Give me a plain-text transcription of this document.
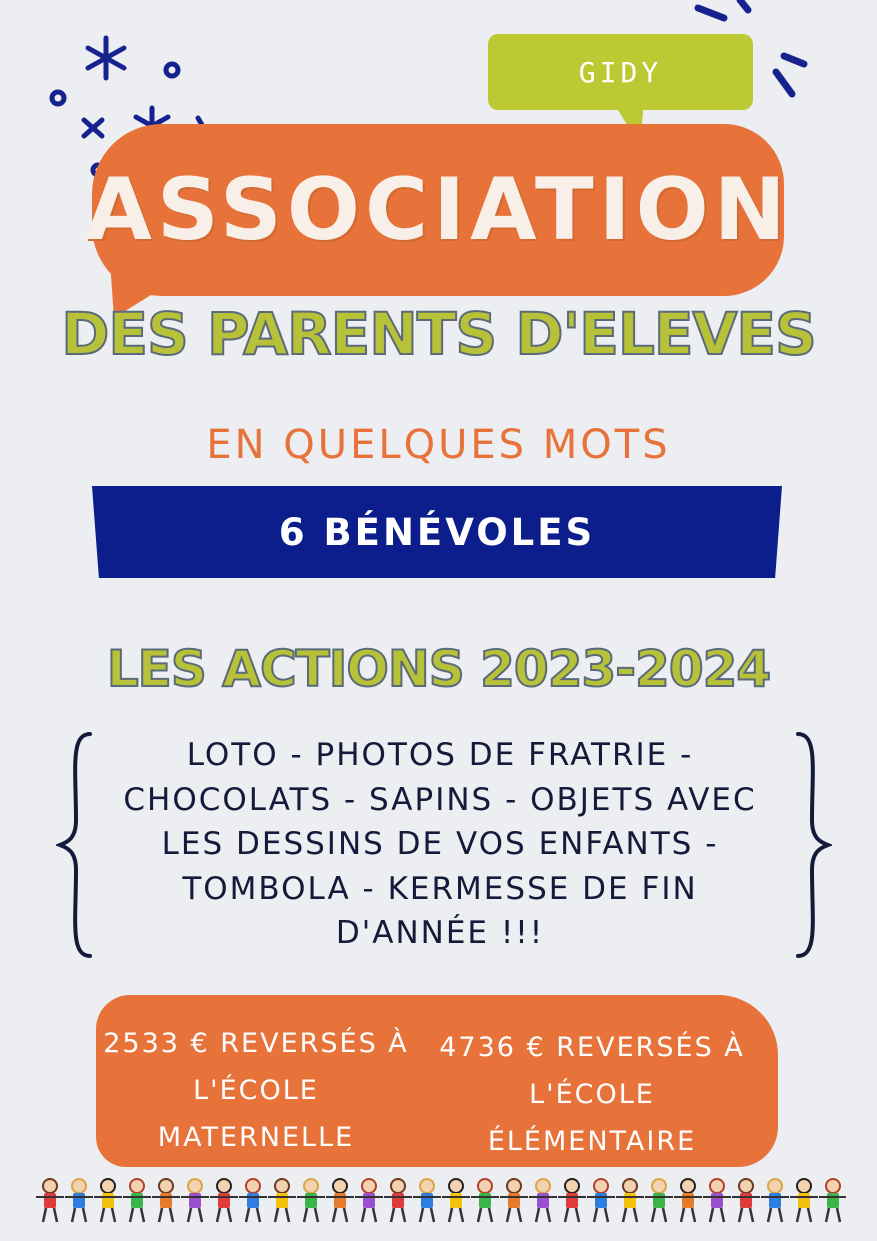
GIDY
ASSOCIATION
DES PARENTS D'ELEVES
EN QUELQUES MOTS
6 BÉNÉVOLES
LES ACTIONS 2023-2024
LOTO - PHOTOS DE FRATRIE -
CHOCOLATS - SAPINS - OBJETS AVEC
LES DESSINS DE VOS ENFANTS -
TOMBOLA - KERMESSE DE FIN
D'ANNÉE !!!
2533 € REVERSÉS À
L'ÉCOLE
MATERNELLE
4736 € REVERSÉS À
L'ÉCOLE
ÉLÉMENTAIRE
